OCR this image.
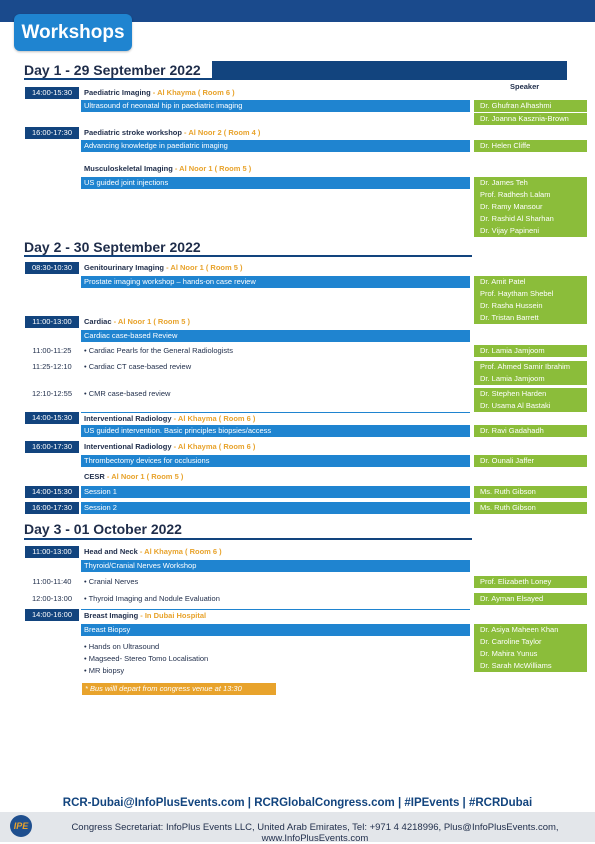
Workshops
Day 1 - 29 September 2022
Speaker
14:00-15:30	Paediatric Imaging - Al Khayma ( Room 6 )
Ultrasound of neonatal hip in paediatric imaging	Dr. Ghufran Alhashmi
Dr. Joanna Kasznia-Brown
16:00-17:30	Paediatric stroke workshop - Al Noor 2 ( Room 4 )
Advancing knowledge in paediatric imaging	Dr. Helen Cliffe
Musculoskeletal Imaging - Al Noor 1 ( Room 5 )
US guided joint injections	Dr. James Teh
Prof. Radhesh Lalam
Dr. Ramy Mansour
Dr. Rashid Al Sharhan
Dr. Vijay Papineni
Day 2 - 30 September 2022
08:30-10:30	Genitourinary Imaging - Al Noor 1 ( Room 5 )
Prostate imaging workshop – hands-on case review	Dr. Amit Patel
Prof. Haytham Shebel
Dr. Rasha Hussein
Dr. Tristan Barrett
11:00-13:00	Cardiac - Al Noor 1 ( Room 5 )
Cardiac case-based Review
11:00-11:25	• Cardiac Pearls for the General Radiologists	Dr. Lamia Jamjoom
11:25-12:10	• Cardiac CT case-based review	Prof. Ahmed Samir Ibrahim
Dr. Lamia Jamjoom
12:10-12:55	• CMR case-based review	Dr. Stephen Harden
Dr. Usama Al Bastaki
14:00-15:30	Interventional Radiology - Al Khayma ( Room 6 )
US guided intervention. Basic principles biopsies/access	Dr. Ravi Gadahadh
16:00-17:30	Interventional Radiology - Al Khayma ( Room 6 )
Thrombectomy devices for occlusions	Dr. Ounali Jaffer
CESR - Al Noor 1 ( Room 5 )
14:00-15:30	Session 1	Ms. Ruth Gibson
16:00-17:30	Session 2	Ms. Ruth Gibson
Day 3 - 01 October 2022
11:00-13:00	Head and Neck - Al Khayma ( Room 6 )
Thyroid/Cranial Nerves Workshop
11:00-11:40	• Cranial Nerves	Prof. Elizabeth Loney
12:00-13:00	• Thyroid Imaging and Nodule Evaluation	Dr. Ayman Elsayed
14:00-16:00	Breast Imaging - In Dubai Hospital
Breast Biopsy	Dr. Asiya Maheen Khan
Dr. Caroline Taylor
Dr. Mahira Yunus
Dr. Sarah McWilliams
• Hands on Ultrasound
• Magseed- Stereo Tomo Localisation
• MR biopsy
* Bus willl depart from congress venue at 13:30
RCR-Dubai@InfoPlusEvents.com | RCRGlobalCongress.com | #IPEvents | #RCRDubai
IPE	Congress Secretariat: InfoPlus Events LLC, United Arab Emirates, Tel: +971 4 4218996, Plus@InfoPlusEvents.com, www.InfoPlusEvents.com
